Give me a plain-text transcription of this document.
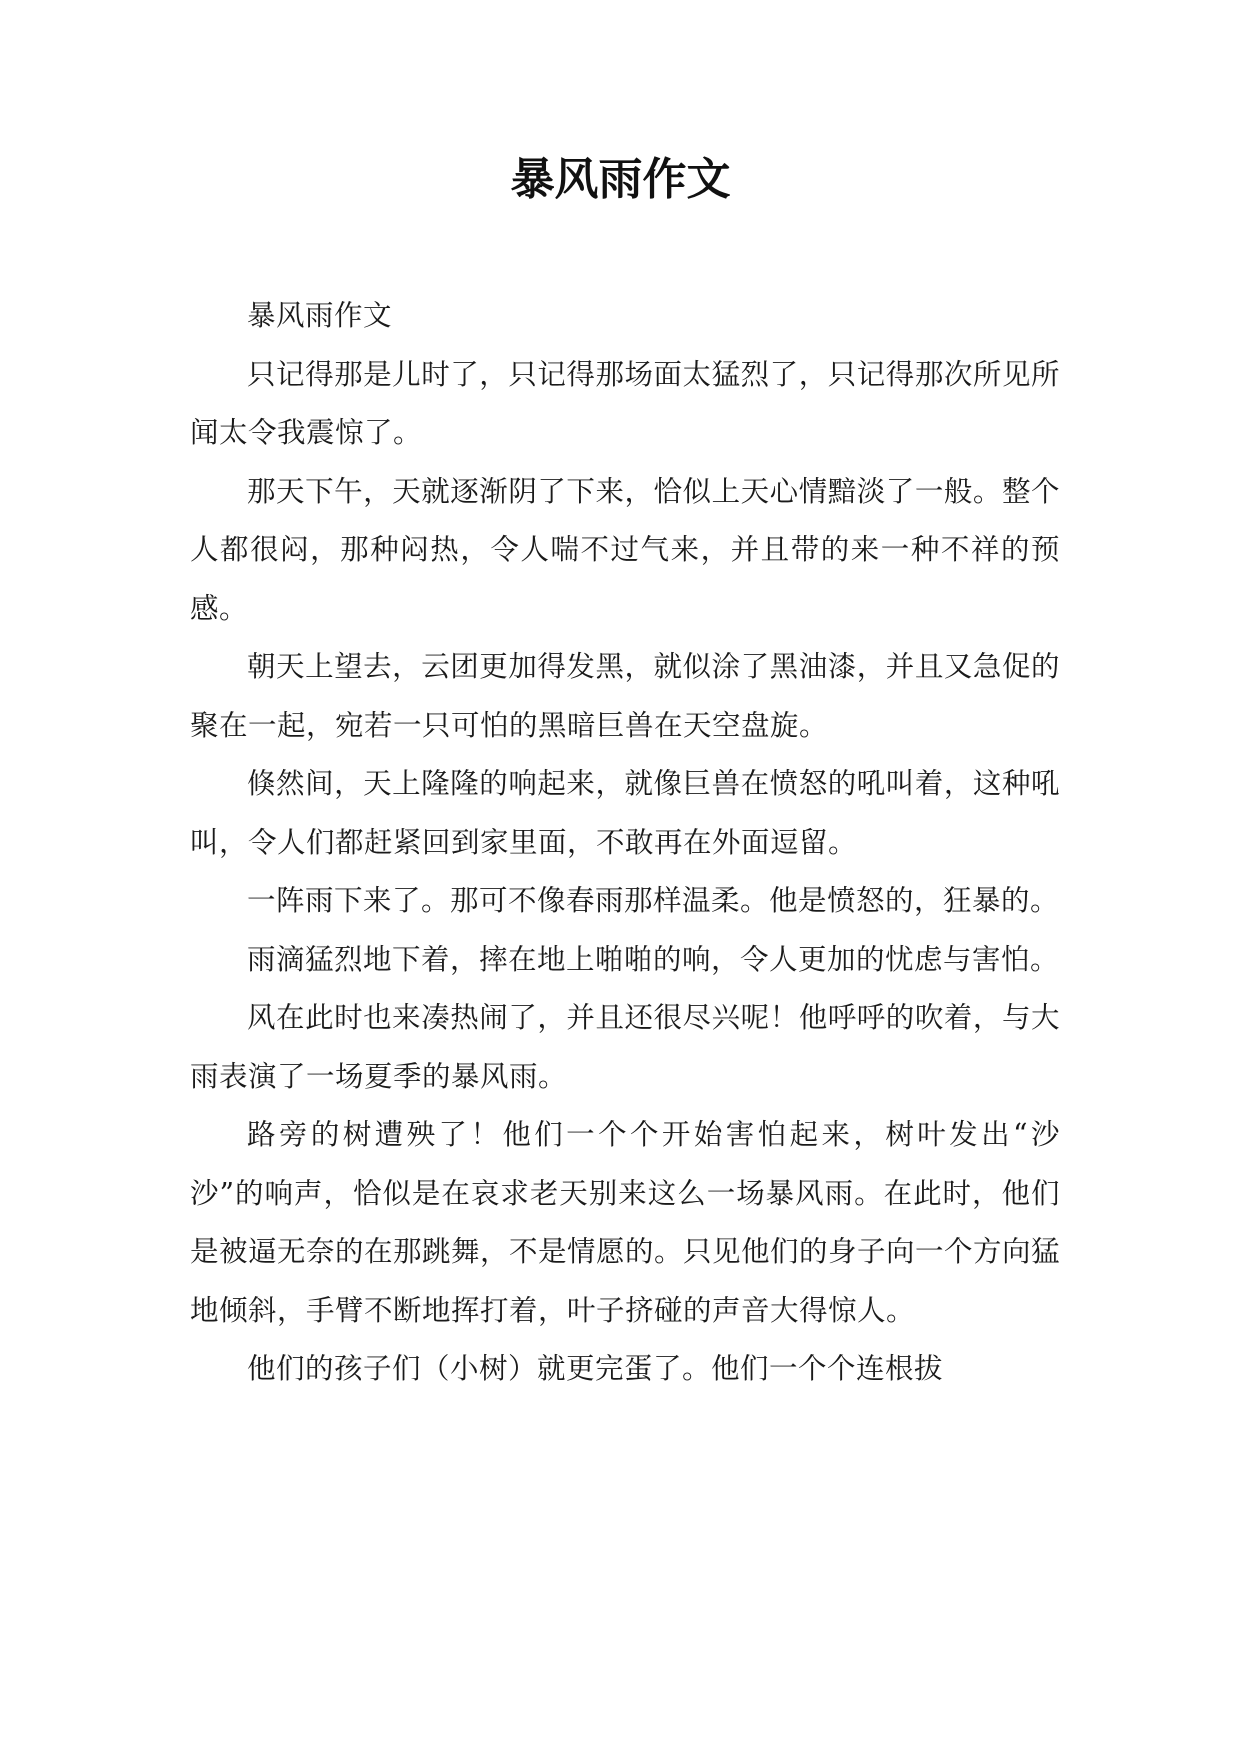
暴风雨作文

暴风雨作文

只记得那是儿时了，只记得那场面太猛烈了，只记得那次所见所闻太令我震惊了。

那天下午，天就逐渐阴了下来，恰似上天心情黯淡了一般。整个人都很闷，那种闷热，令人喘不过气来，并且带的来一种不祥的预感。

朝天上望去，云团更加得发黑，就似涂了黑油漆，并且又急促的聚在一起，宛若一只可怕的黑暗巨兽在天空盘旋。

倏然间，天上隆隆的响起来，就像巨兽在愤怒的吼叫着，这种吼叫，令人们都赶紧回到家里面，不敢再在外面逗留。

一阵雨下来了。那可不像春雨那样温柔。他是愤怒的，狂暴的。

雨滴猛烈地下着，摔在地上啪啪的响，令人更加的忧虑与害怕。

风在此时也来凑热闹了，并且还很尽兴呢！他呼呼的吹着，与大雨表演了一场夏季的暴风雨。

路旁的树遭殃了！他们一个个开始害怕起来，树叶发出“沙沙”的响声，恰似是在哀求老天别来这么一场暴风雨。在此时，他们是被逼无奈的在那跳舞，不是情愿的。只见他们的身子向一个方向猛地倾斜，手臂不断地挥打着，叶子挤碰的声音大得惊人。

他们的孩子们（小树）就更完蛋了。他们一个个连根拔
